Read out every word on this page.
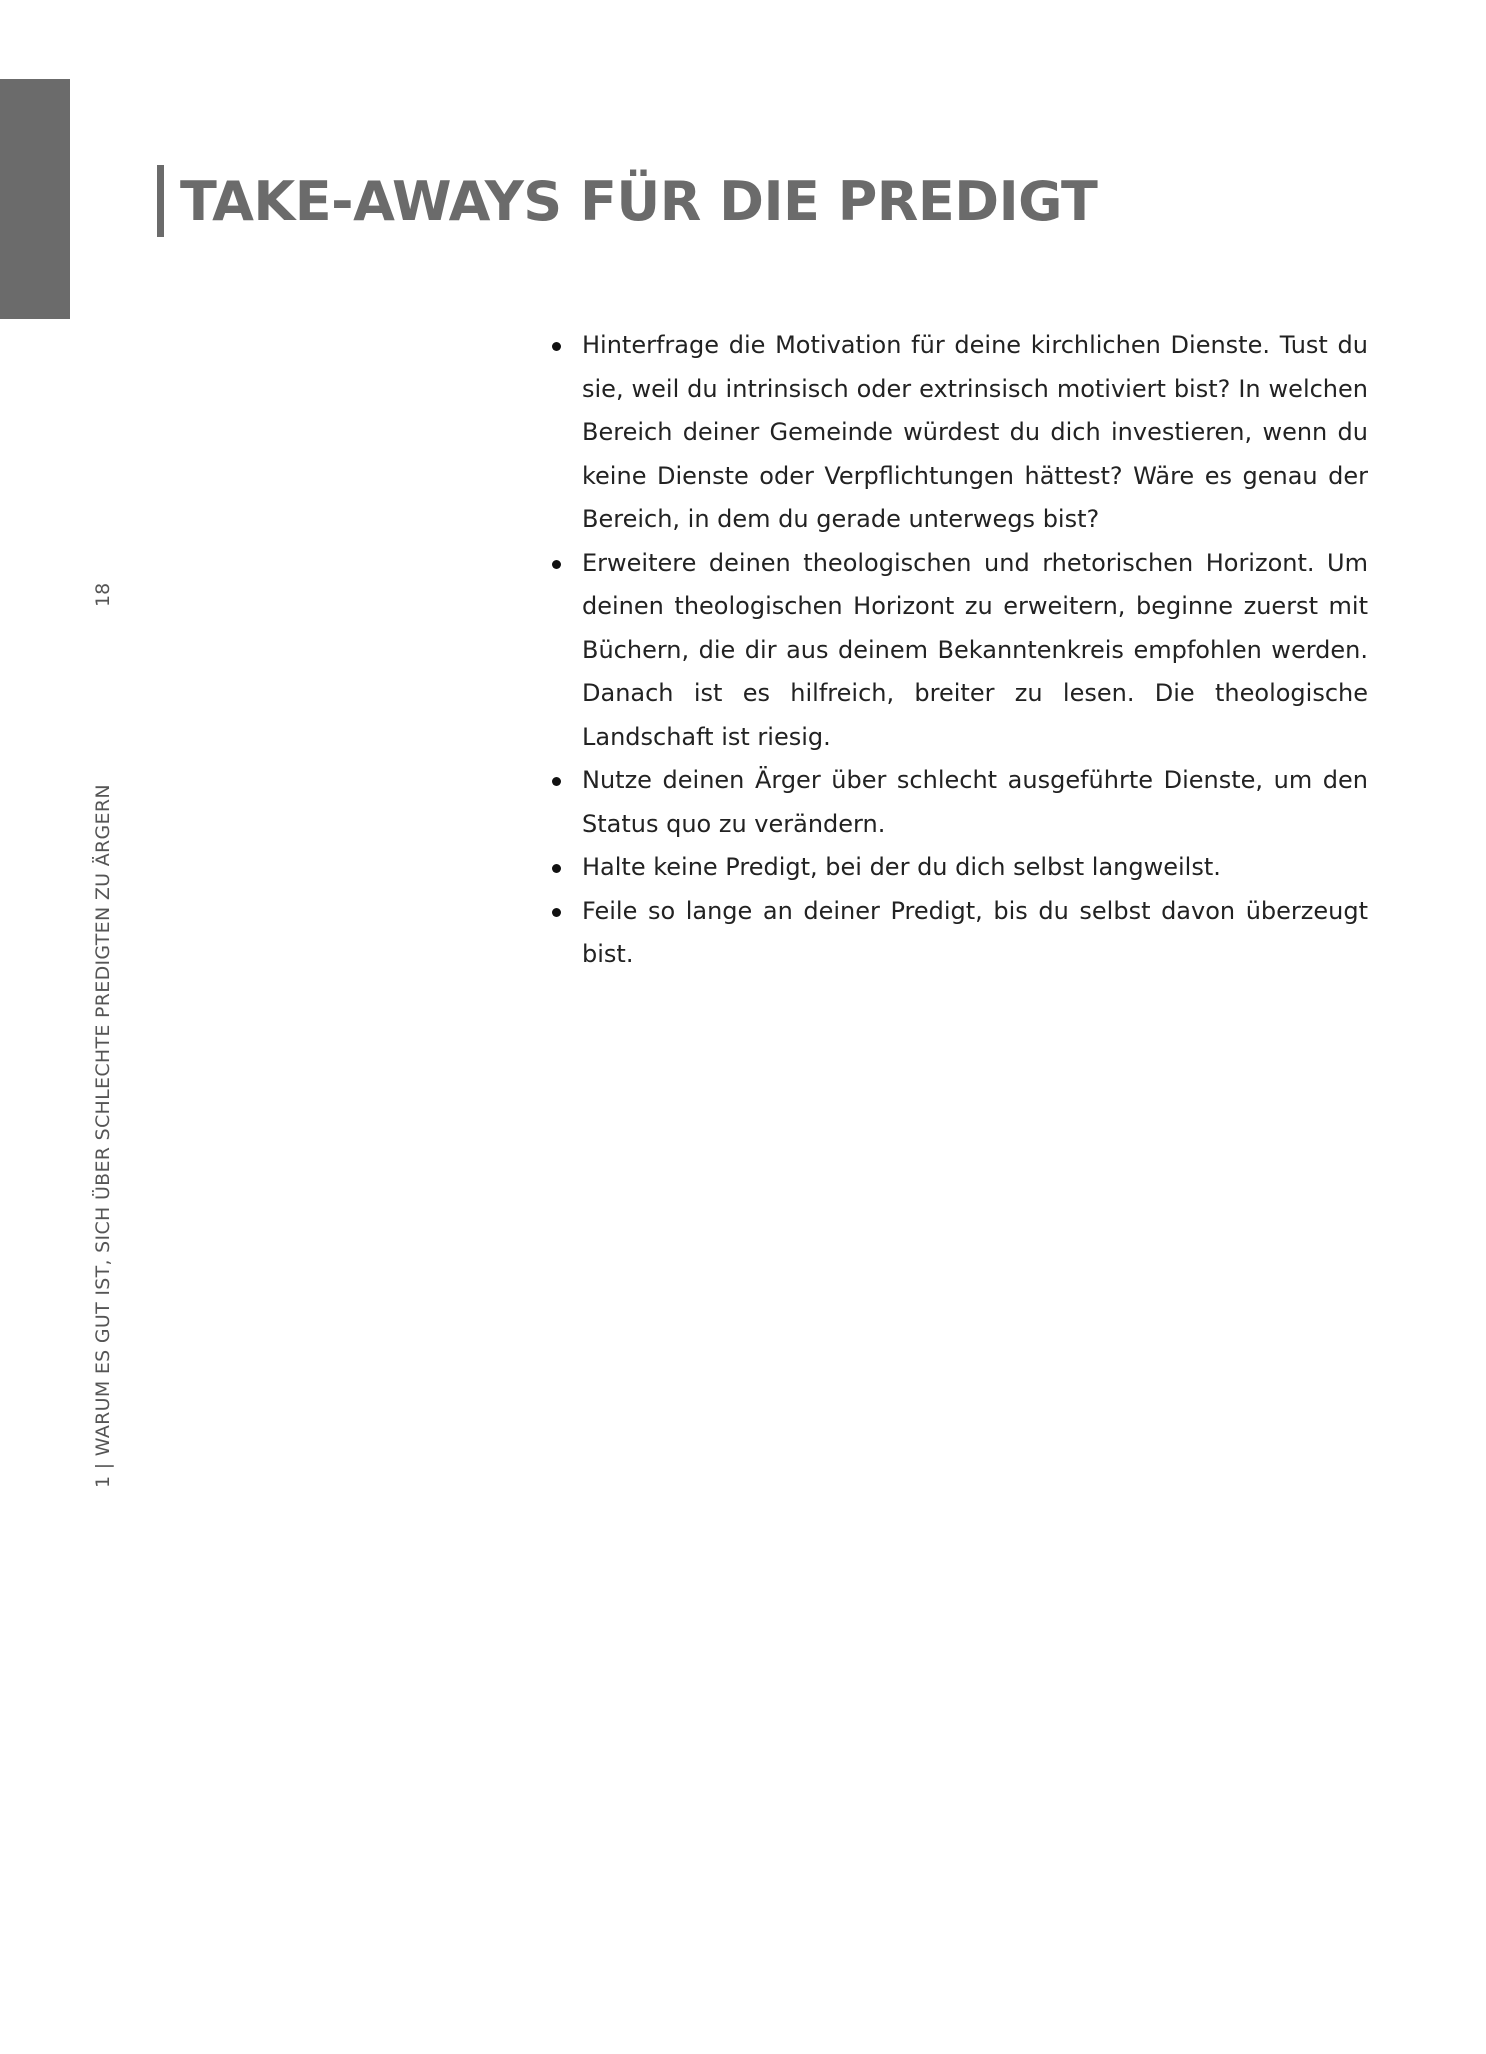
TAKE-AWAYS FÜR DIE PREDIGT
18
1 | WARUM ES GUT IST, SICH ÜBER SCHLECHTE PREDIGTEN ZU ÄRGERN
Hinterfrage die Motivation für deine kirchlichen Dienste. Tust du sie, weil du intrinsisch oder extrinsisch motiviert bist? In welchen Bereich deiner Gemeinde würdest du dich investieren, wenn du keine Dienste oder Verpflichtungen hättest? Wäre es genau der Bereich, in dem du gerade unterwegs bist?
Erweitere deinen theologischen und rhetorischen Horizont. Um deinen theologischen Horizont zu erweitern, beginne zuerst mit Büchern, die dir aus deinem Bekanntenkreis empfohlen werden. Danach ist es hilfreich, breiter zu lesen. Die theologische Landschaft ist riesig.
Nutze deinen Ärger über schlecht ausgeführte Dienste, um den Status quo zu verändern.
Halte keine Predigt, bei der du dich selbst langweilst.
Feile so lange an deiner Predigt, bis du selbst davon überzeugt bist.
